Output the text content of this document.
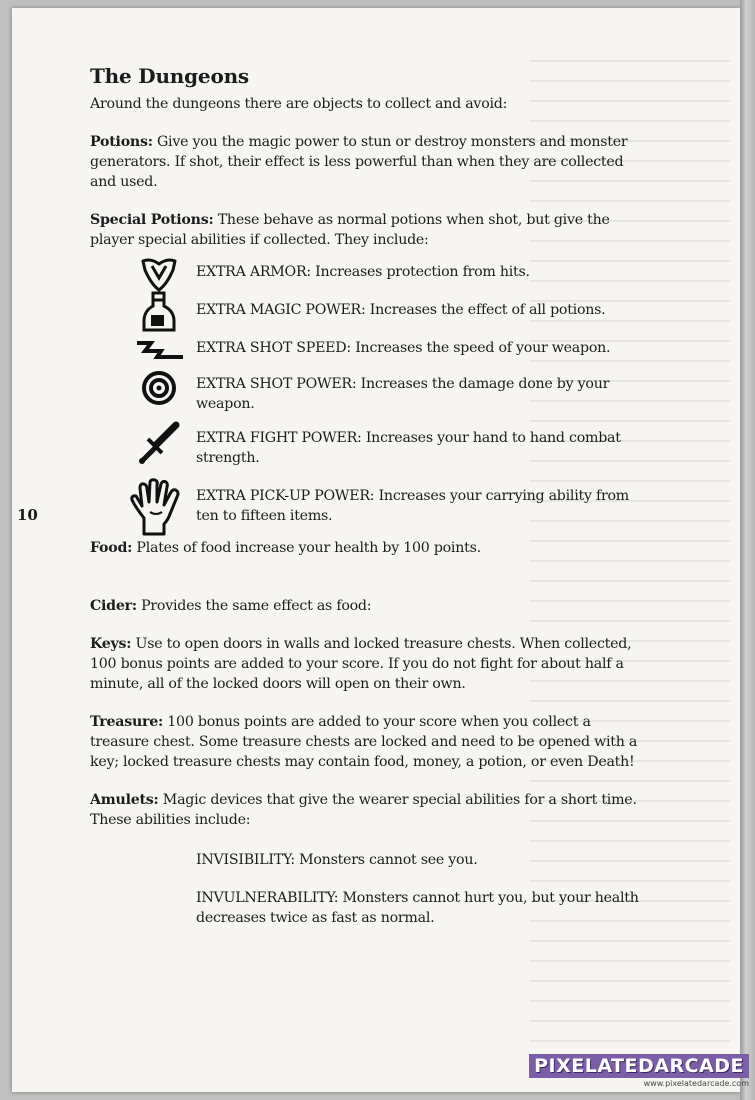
10
The Dungeons

Around the dungeons there are objects to collect and avoid:

Potions: Give you the magic power to stun or destroy monsters and monster generators. If shot, their effect is less powerful than when they are collected and used.

Special Potions: These behave as normal potions when shot, but give the player special abilities if collected. They include:

EXTRA ARMOR: Increases protection from hits.
EXTRA MAGIC POWER: Increases the effect of all potions.
EXTRA SHOT SPEED: Increases the speed of your weapon.
EXTRA SHOT POWER: Increases the damage done by your weapon.
EXTRA FIGHT POWER: Increases your hand to hand combat strength.
EXTRA PICK-UP POWER: Increases your carrying ability from ten to fifteen items.

Food: Plates of food increase your health by 100 points.

Cider: Provides the same effect as food:

Keys: Use to open doors in walls and locked treasure chests. When collected, 100 bonus points are added to your score. If you do not fight for about half a minute, all of the locked doors will open on their own.

Treasure: 100 bonus points are added to your score when you collect a treasure chest. Some treasure chests are locked and need to be opened with a key; locked treasure chests may contain food, money, a potion, or even Death!

Amulets: Magic devices that give the wearer special abilities for a short time. These abilities include:

INVISIBILITY: Monsters cannot see you.
INVULNERABILITY: Monsters cannot hurt you, but your health decreases twice as fast as normal.
PIXELATEDARCADE
www.pixelatedarcade.com
